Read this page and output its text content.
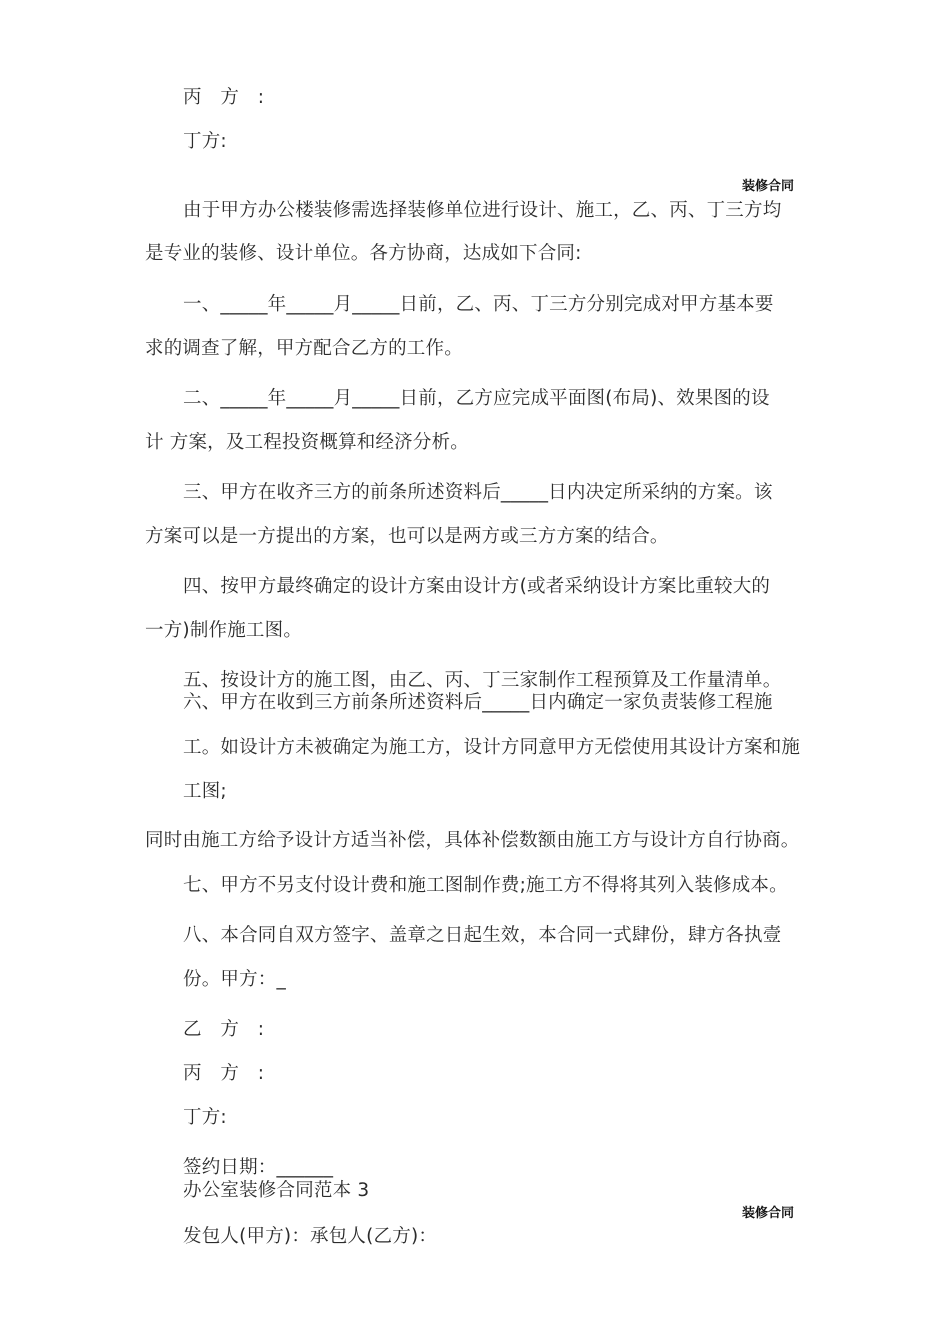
丙　方　:
丁方:
装修合同
由于甲方办公楼装修需选择装修单位进行设计、施工，乙、丙、丁三方均
是专业的装修、设计单位。各方协商，达成如下合同:
一、_____年_____月_____日前，乙、丙、丁三方分别完成对甲方基本要
求的调查了解，甲方配合乙方的工作。
二、_____年_____月_____日前，乙方应完成平面图(布局)、效果图的设
计 方案，及工程投资概算和经济分析。
三、甲方在收齐三方的前条所述资料后_____日内决定所采纳的方案。该
方案可以是一方提出的方案，也可以是两方或三方方案的结合。
四、按甲方最终确定的设计方案由设计方(或者采纳设计方案比重较大的
一方)制作施工图。
五、按设计方的施工图，由乙、丙、丁三家制作工程预算及工作量清单。
六、甲方在收到三方前条所述资料后_____日内确定一家负责装修工程施
工。如设计方未被确定为施工方，设计方同意甲方无偿使用其设计方案和施
工图;
同时由施工方给予设计方适当补偿，具体补偿数额由施工方与设计方自行协商。
七、甲方不另支付设计费和施工图制作费;施工方不得将其列入装修成本。
八、本合同自双方签字、盖章之日起生效，本合同一式肆份，肆方各执壹
份。甲方：_
乙　方　:
丙　方　:
丁方:
签约日期：______
办公室装修合同范本 3
装修合同
发包人(甲方)：承包人(乙方)：
